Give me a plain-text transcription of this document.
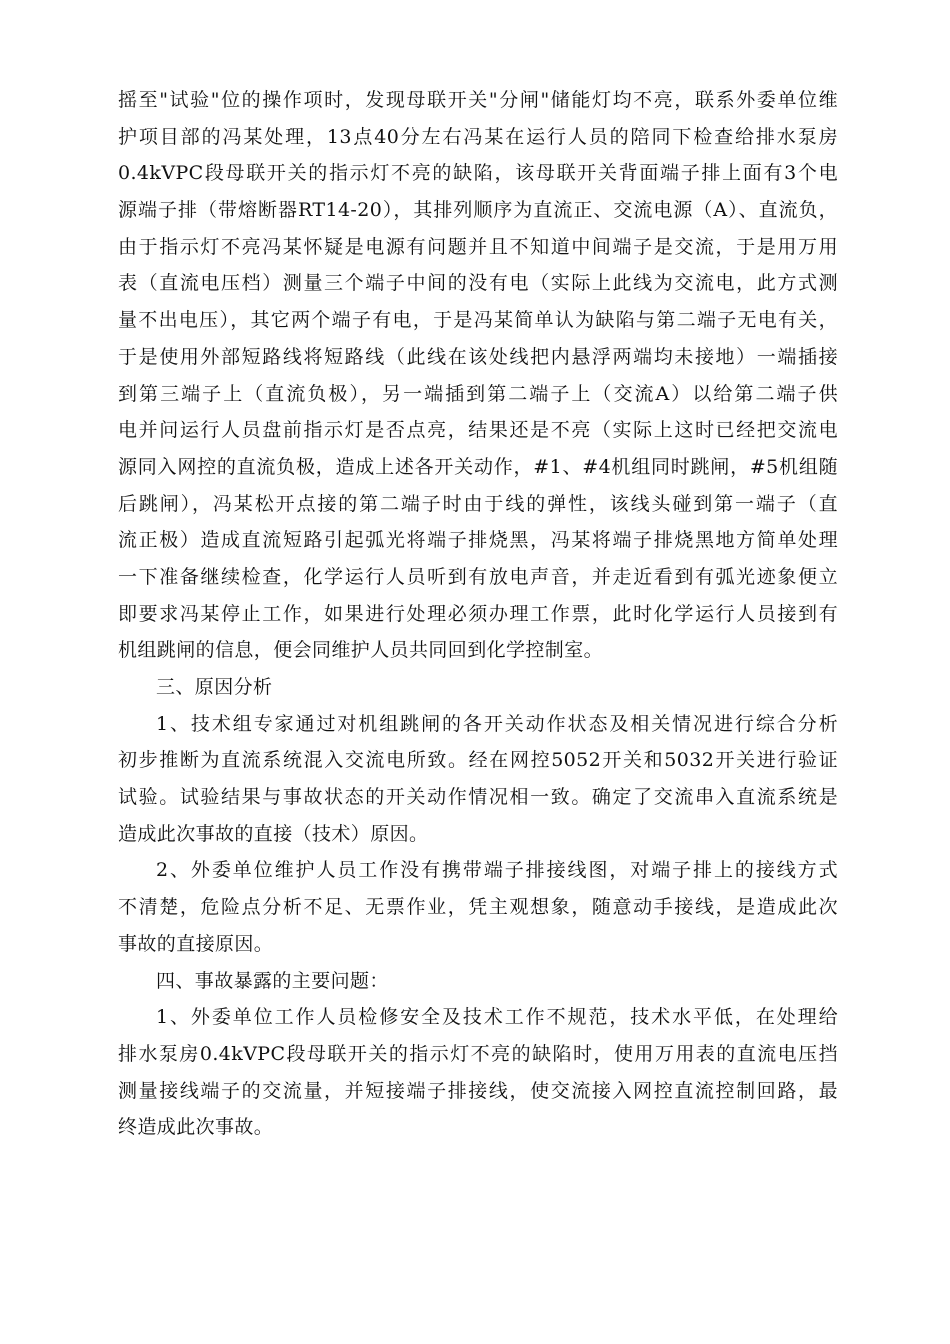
摇至"试验"位的操作项时，发现母联开关"分闸"储能灯均不亮，联系外委单位维
护项目部的冯某处理，13点40分左右冯某在运行人员的陪同下检查给排水泵房
0.4kVPC段母联开关的指示灯不亮的缺陷，该母联开关背面端子排上面有3个电
源端子排（带熔断器RT14-20），其排列顺序为直流正、交流电源（A）、直流负，
由于指示灯不亮冯某怀疑是电源有问题并且不知道中间端子是交流，于是用万用
表（直流电压档）测量三个端子中间的没有电（实际上此线为交流电，此方式测
量不出电压），其它两个端子有电，于是冯某简单认为缺陷与第二端子无电有关，
于是使用外部短路线将短路线（此线在该处线把内悬浮两端均未接地）一端插接
到第三端子上（直流负极），另一端插到第二端子上（交流A）以给第二端子供
电并问运行人员盘前指示灯是否点亮，结果还是不亮（实际上这时已经把交流电
源同入网控的直流负极，造成上述各开关动作，#1、#4机组同时跳闸，#5机组随
后跳闸），冯某松开点接的第二端子时由于线的弹性，该线头碰到第一端子（直
流正极）造成直流短路引起弧光将端子排烧黑，冯某将端子排烧黑地方简单处理
一下准备继续检查，化学运行人员听到有放电声音，并走近看到有弧光迹象便立
即要求冯某停止工作，如果进行处理必须办理工作票，此时化学运行人员接到有
机组跳闸的信息，便会同维护人员共同回到化学控制室。
三、原因分析
1、技术组专家通过对机组跳闸的各开关动作状态及相关情况进行综合分析
初步推断为直流系统混入交流电所致。经在网控5052开关和5032开关进行验证
试验。试验结果与事故状态的开关动作情况相一致。确定了交流串入直流系统是
造成此次事故的直接（技术）原因。
2、外委单位维护人员工作没有携带端子排接线图，对端子排上的接线方式
不清楚，危险点分析不足、无票作业，凭主观想象，随意动手接线，是造成此次
事故的直接原因。
四、事故暴露的主要问题：
1、外委单位工作人员检修安全及技术工作不规范，技术水平低，在处理给
排水泵房0.4kVPC段母联开关的指示灯不亮的缺陷时，使用万用表的直流电压挡
测量接线端子的交流量，并短接端子排接线，使交流接入网控直流控制回路，最
终造成此次事故。
